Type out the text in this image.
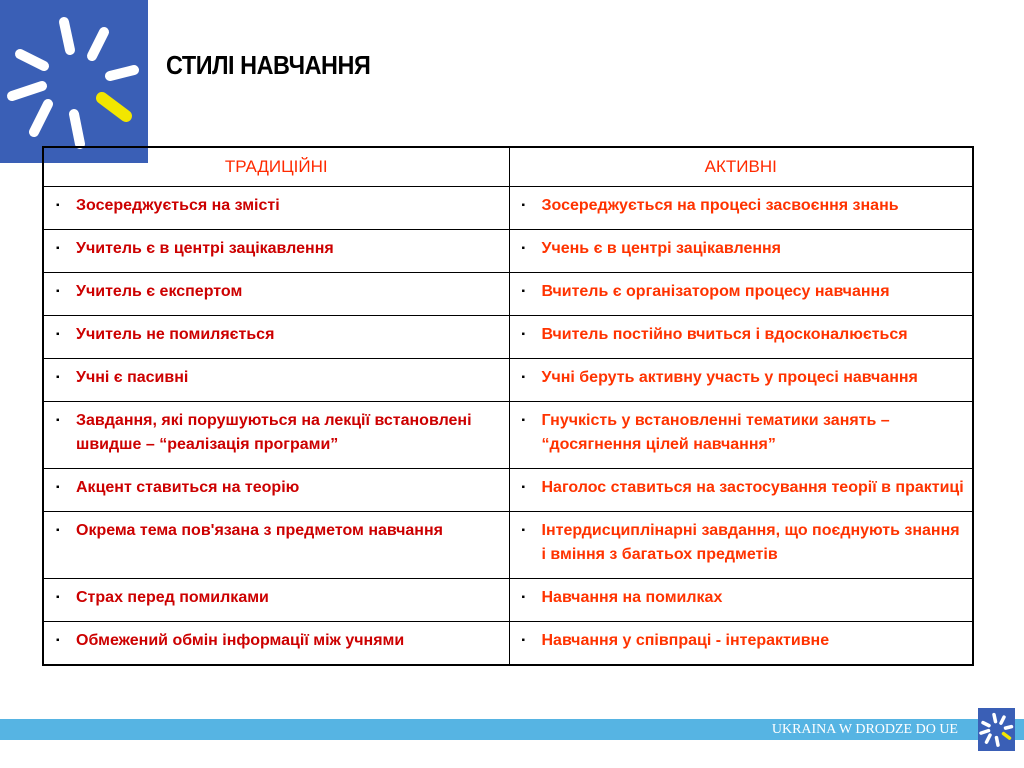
СТИЛІ НАВЧАННЯ
ТРАДИЦІЙНІ	АКТИВНІ

▪ Зосереджується на змісті	▪ Зосереджується на процесі засвоєння знань

▪ Учитель є в центрі зацікавлення	▪ Учень є в центрі зацікавлення

▪ Учитель є експертом	▪ Вчитель є організатором процесу навчання

▪ Учитель не помиляється	▪ Вчитель постійно вчиться і вдосконалюється

▪ Учні є пасивні	▪ Учні беруть активну участь у процесі навчання

▪ Завдання, які порушуються на лекції встановлені швидше – “реалізація програми”	▪ Гнучкість у встановленні тематики занять – “досягнення цілей навчання”

▪ Акцент ставиться на теорію	▪ Наголос ставиться на застосування теорії в практиці

▪ Окрема тема пов'язана з предметом навчання	▪ Інтердисциплінарні завдання, що поєднують знання і вміння з багатьох предметів

▪ Страх перед помилками	▪ Навчання на помилках

▪ Обмежений обмін інформації між учнями	▪ Навчання у співпраці - інтерактивне
UKRAINA W DRODZE DO UE
